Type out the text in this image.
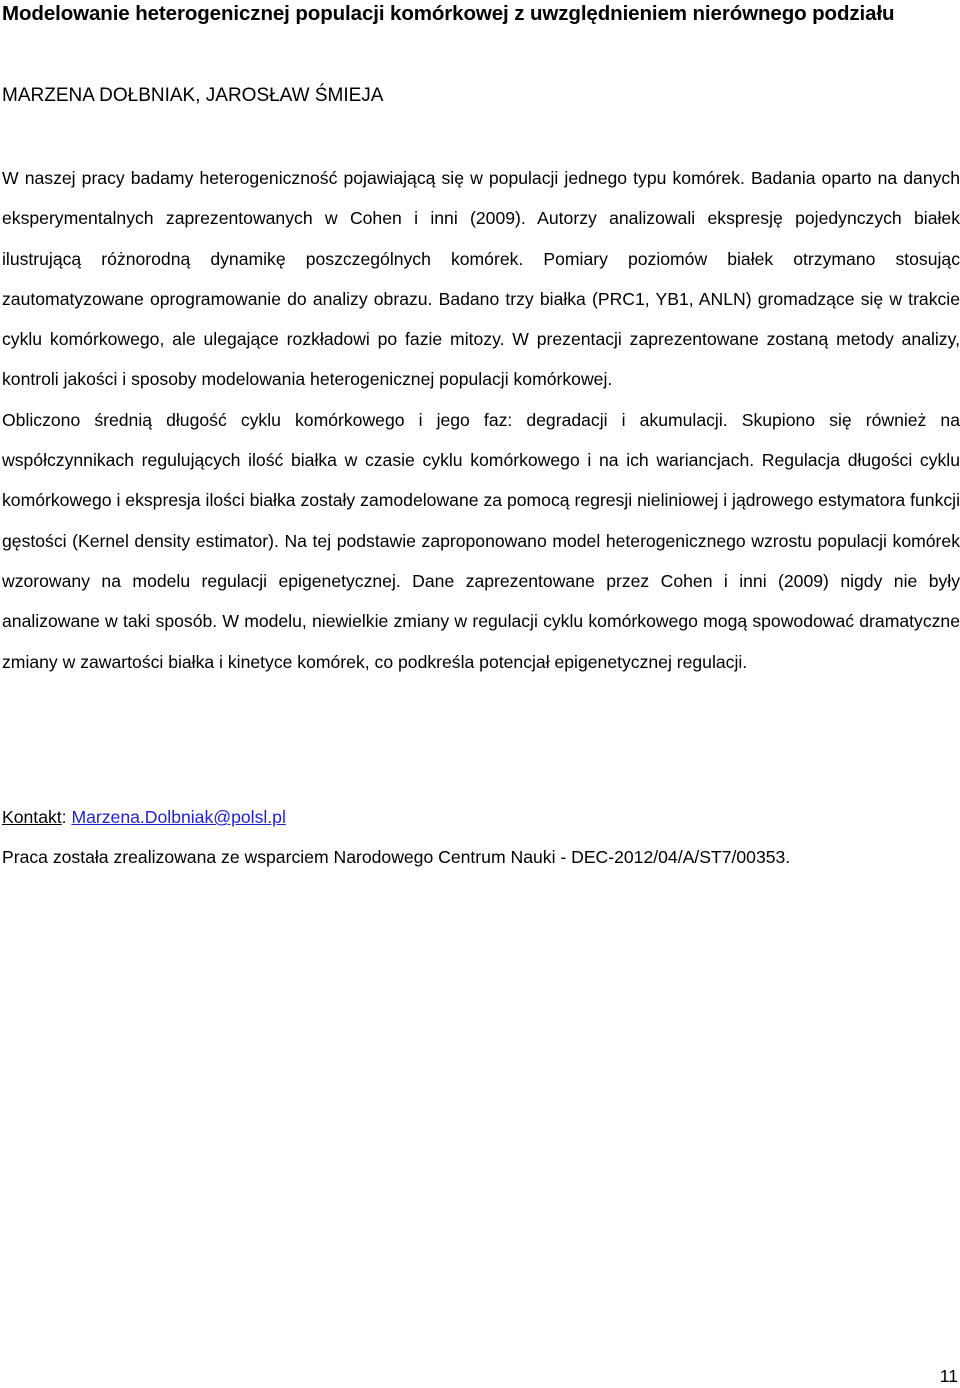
Modelowanie heterogenicznej populacji komórkowej z uwzględnieniem nierównego podziału
MARZENA DOŁBNIAK, JAROSŁAW ŚMIEJA

W naszej pracy badamy heterogeniczność pojawiającą się w populacji jednego typu komórek. Badania oparto na danych eksperymentalnych zaprezentowanych w Cohen i inni (2009). Autorzy analizowali ekspresję pojedynczych białek ilustrującą różnorodną dynamikę poszczególnych komórek. Pomiary poziomów białek otrzymano stosując zautomatyzowane oprogramowanie do analizy obrazu. Badano trzy białka (PRC1, YB1, ANLN) gromadzące się w trakcie cyklu komórkowego, ale ulegające rozkładowi po fazie mitozy. W prezentacji zaprezentowane zostaną metody analizy, kontroli jakości i sposoby modelowania heterogenicznej populacji komórkowej.

Obliczono średnią długość cyklu komórkowego i jego faz: degradacji i akumulacji. Skupiono się również na współczynnikach regulujących ilość białka w czasie cyklu komórkowego i na ich wariancjach. Regulacja długości cyklu komórkowego i ekspresja ilości białka zostały zamodelowane za pomocą regresji nieliniowej i jądrowego estymatora funkcji gęstości (Kernel density estimator). Na tej podstawie zaproponowano model heterogenicznego wzrostu populacji komórek wzorowany na modelu regulacji epigenetycznej. Dane zaprezentowane przez Cohen i inni (2009) nigdy nie były analizowane w taki sposób. W modelu, niewielkie zmiany w regulacji cyklu komórkowego mogą spowodować dramatyczne zmiany w zawartości białka i kinetyce komórek, co podkreśla potencjał epigenetycznej regulacji.

Kontakt: Marzena.Dolbniak@polsl.pl
Praca została zrealizowana ze wsparciem Narodowego Centrum Nauki - DEC-2012/04/A/ST7/00353.
11
